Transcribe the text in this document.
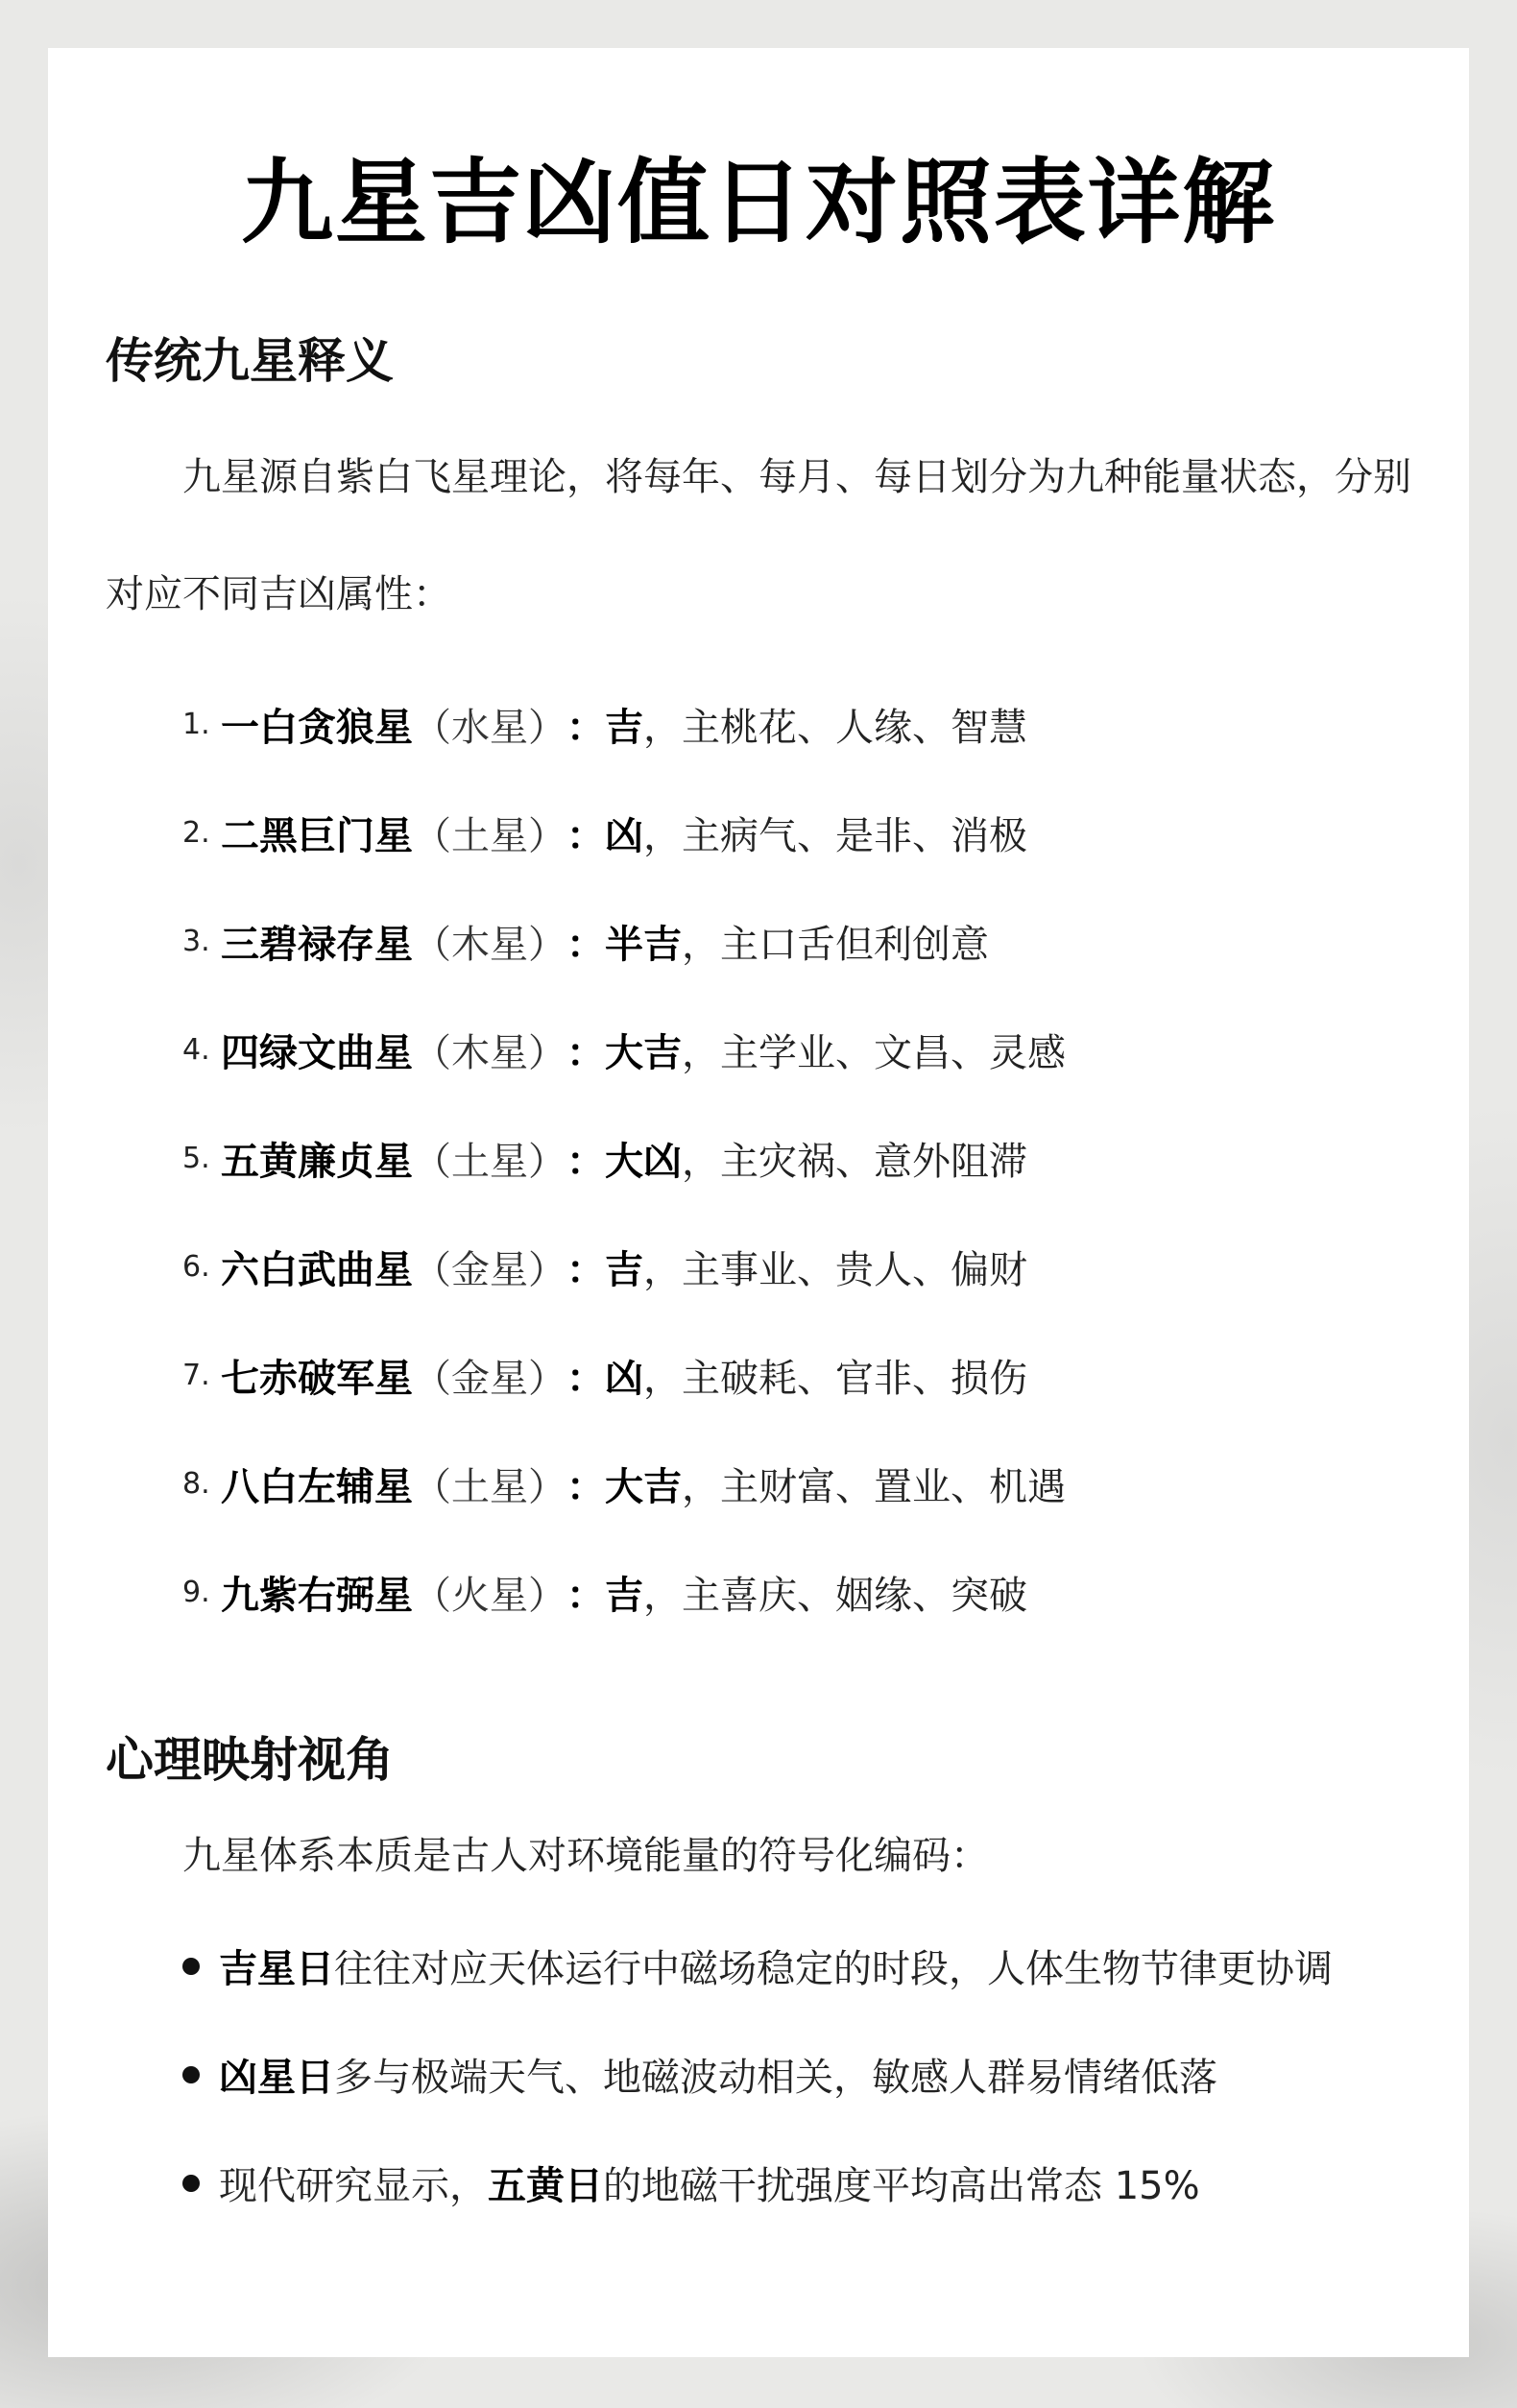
九星吉凶值日对照表详解
传统九星释义

九星源自紫白飞星理论，将每年、每月、每日划分为九种能量状态，分别对应不同吉凶属性：

1. 一白贪狼星 （水星） ： 吉 ，主桃花、人缘、智慧
2. 二黑巨门星 （土星） ： 凶 ，主病气、是非、消极
3. 三碧禄存星 （木星） ： 半吉 ，主口舌但利创意
4. 四绿文曲星 （木星） ： 大吉 ，主学业、文昌、灵感
5. 五黄廉贞星 （土星） ： 大凶 ，主灾祸、意外阻滞
6. 六白武曲星 （金星） ： 吉 ，主事业、贵人、偏财
7. 七赤破军星 （金星） ： 凶 ，主破耗、官非、损伤
8. 八白左辅星 （土星） ： 大吉 ，主财富、置业、机遇
9. 九紫右弼星 （火星） ： 吉 ，主喜庆、姻缘、突破
心理映射视角

九星体系本质是古人对环境能量的符号化编码：

吉星日 往往对应天体运行中磁场稳定的时段，人体生物节律更协调
凶星日 多与极端天气、地磁波动相关，敏感人群易情绪低落
现代研究显示， 五黄日 的地磁干扰强度平均高出常态 15%
